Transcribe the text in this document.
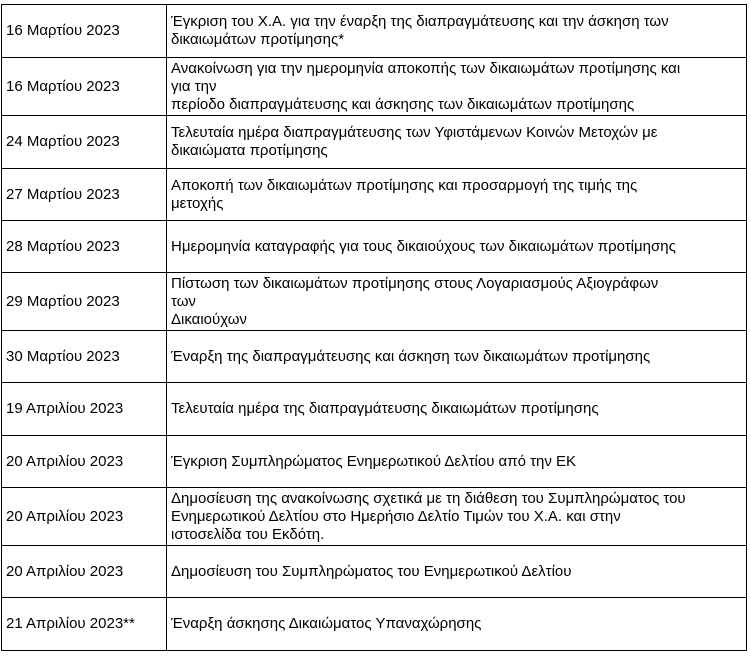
16 Μαρτίου 2023	Έγκριση του Χ.Α. για την έναρξη της διαπραγμάτευσης και την άσκηση των
δικαιωμάτων προτίμησης*
16 Μαρτίου 2023	Ανακοίνωση για την ημερομηνία αποκοπής των δικαιωμάτων προτίμησης και
για την
περίοδο διαπραγμάτευσης και άσκησης των δικαιωμάτων προτίμησης
24 Μαρτίου 2023	Τελευταία ημέρα διαπραγμάτευσης των Υφιστάμενων Κοινών Μετοχών με
δικαιώματα προτίμησης
27 Μαρτίου 2023	Αποκοπή των δικαιωμάτων προτίμησης και προσαρμογή της τιμής της
μετοχής
28 Μαρτίου 2023	Ημερομηνία καταγραφής για τους δικαιούχους των δικαιωμάτων προτίμησης
29 Μαρτίου 2023	Πίστωση των δικαιωμάτων προτίμησης στους Λογαριασμούς Αξιογράφων
των
Δικαιούχων
30 Μαρτίου 2023	Έναρξη της διαπραγμάτευσης και άσκηση των δικαιωμάτων προτίμησης
19 Απριλίου 2023	Τελευταία ημέρα της διαπραγμάτευσης δικαιωμάτων προτίμησης
20 Απριλίου 2023	Έγκριση Συμπληρώματος Ενημερωτικού Δελτίου από την ΕΚ
20 Απριλίου 2023	Δημοσίευση της ανακοίνωσης σχετικά με τη διάθεση του Συμπληρώματος του
Ενημερωτικού Δελτίου στο Ημερήσιο Δελτίο Τιμών του Χ.Α. και στην
ιστοσελίδα του Εκδότη.
20 Απριλίου 2023	Δημοσίευση του Συμπληρώματος του Ενημερωτικού Δελτίου
21 Απριλίου 2023**	Έναρξη άσκησης Δικαιώματος Υπαναχώρησης
